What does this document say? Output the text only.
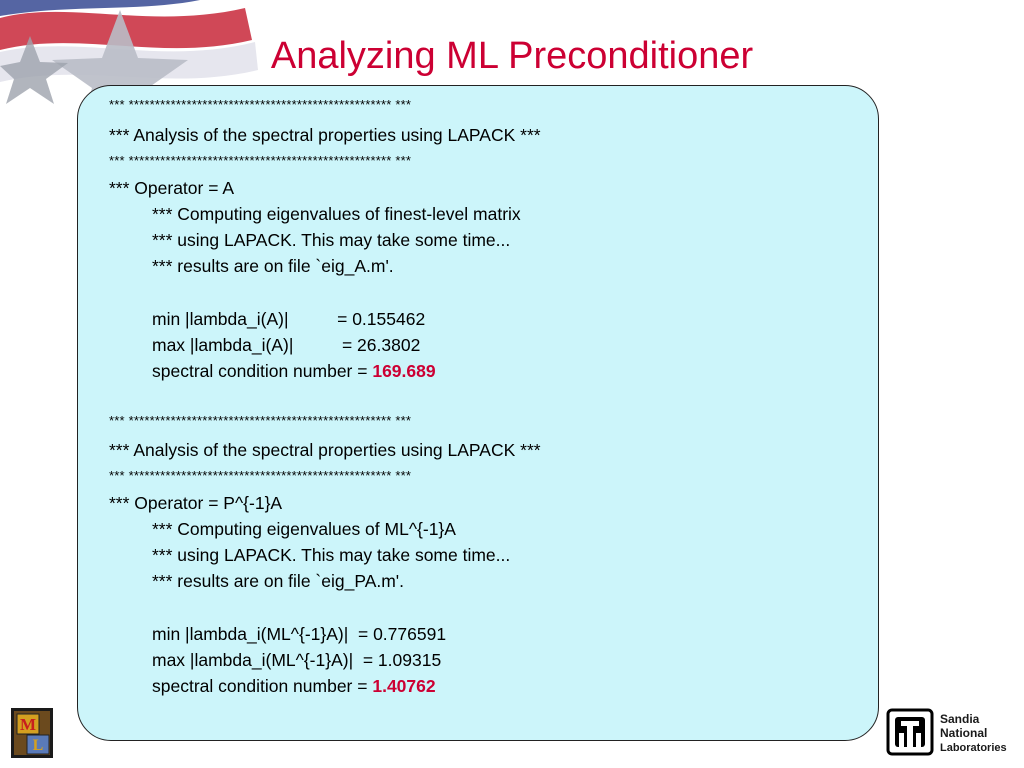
Analyzing ML Preconditioner
*** ************************************************** ***
*** Analysis of the spectral properties using LAPACK ***
*** ************************************************** ***
*** Operator = A
*** Computing eigenvalues of finest-level matrix
*** using LAPACK. This may take some time...
*** results are on file `eig_A.m'.
min |lambda_i(A)|          = 0.155462
max |lambda_i(A)|          = 26.3802
spectral condition number = 169.689
*** ************************************************** ***
*** Analysis of the spectral properties using LAPACK ***
*** ************************************************** ***
*** Operator = P^{-1}A
*** Computing eigenvalues of ML^{-1}A
*** using LAPACK. This may take some time...
*** results are on file `eig_PA.m'.
min |lambda_i(ML^{-1}A)|  = 0.776591
max |lambda_i(ML^{-1}A)|  = 1.09315
spectral condition number = 1.40762
M
L
Sandia
National
Laboratories
